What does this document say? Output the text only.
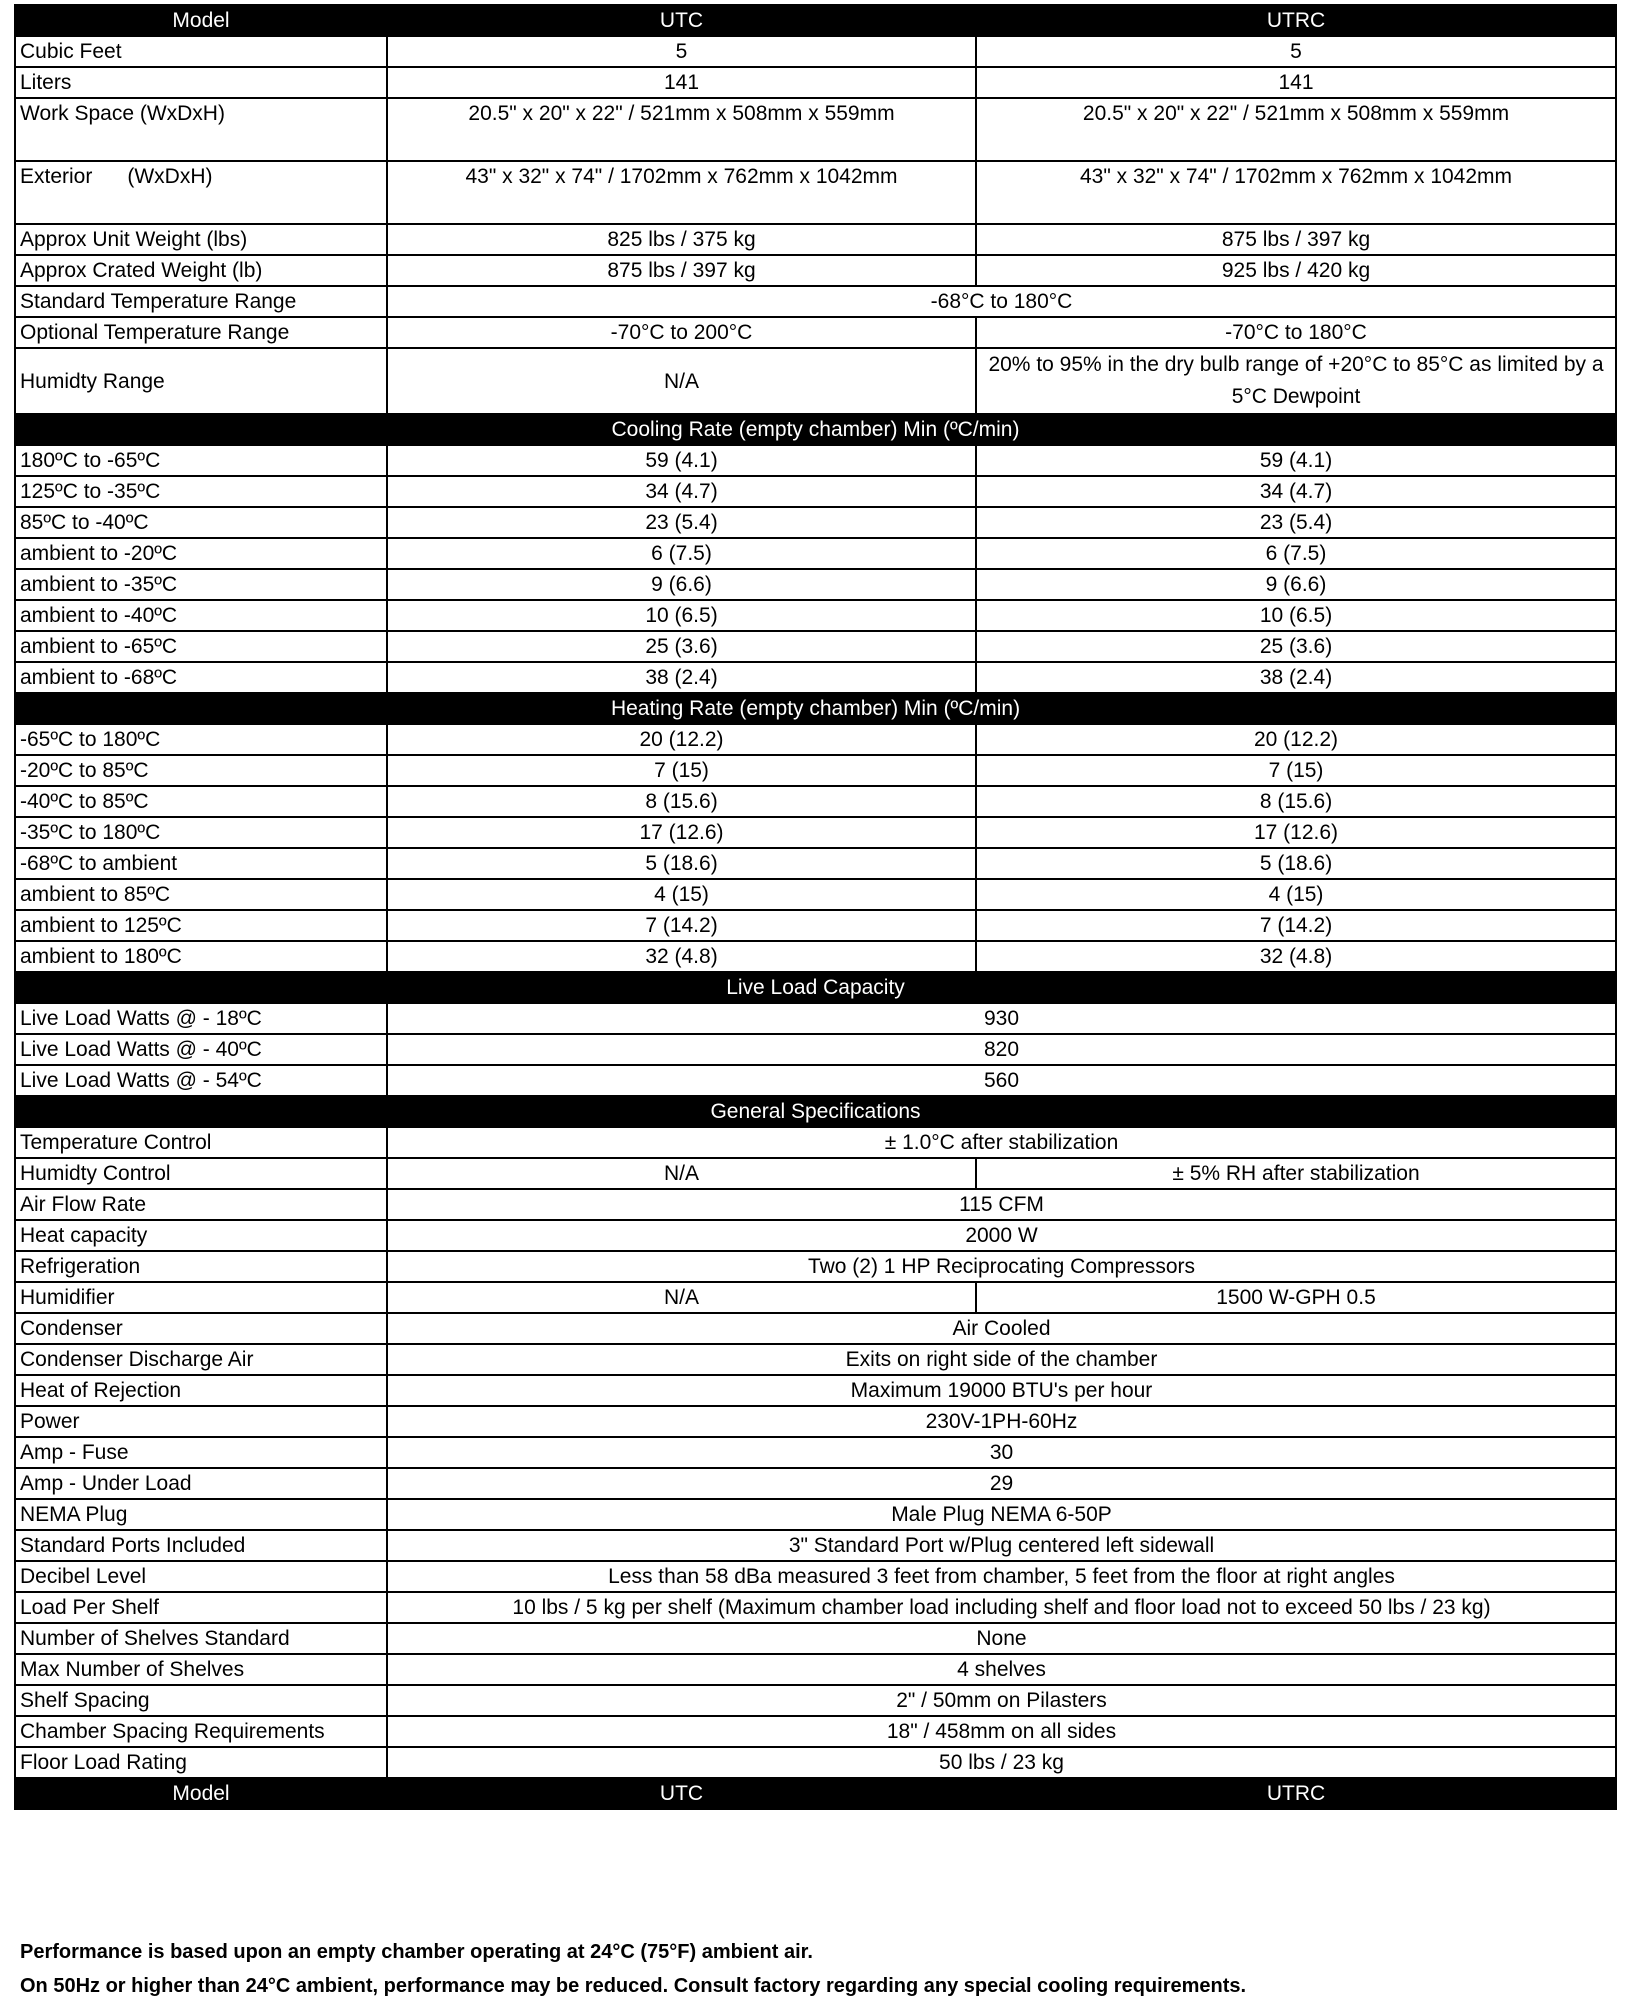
Model	UTC	UTRC
Cubic Feet	5	5
Liters	141	141
Work Space (WxDxH)	20.5" x 20" x 22" / 521mm x 508mm x 559mm	20.5" x 20" x 22" / 521mm x 508mm x 559mm
Exterior      (WxDxH)	43" x 32" x 74" / 1702mm x 762mm x 1042mm	43" x 32" x 74" / 1702mm x 762mm x 1042mm
Approx Unit Weight (lbs)	825 lbs / 375 kg	875 lbs / 397 kg
Approx Crated Weight (lb)	875 lbs / 397 kg	925 lbs / 420 kg
Standard Temperature Range	-68°C to 180°C	
Optional Temperature Range	-70°C to 200°C	-70°C to 180°C
Humidty Range	N/A	20% to 95% in the dry bulb range of +20°C to 85°C as limited by a 5°C Dewpoint
Cooling Rate (empty chamber) Min (ºC/min)		
180ºC to -65ºC	59 (4.1)	59 (4.1)
125ºC to -35ºC	34 (4.7)	34 (4.7)
85ºC to -40ºC	23 (5.4)	23 (5.4)
ambient to -20ºC	6 (7.5)	6 (7.5)
ambient to -35ºC	9 (6.6)	9 (6.6)
ambient to -40ºC	10 (6.5)	10 (6.5)
ambient to -65ºC	25 (3.6)	25 (3.6)
ambient to -68ºC	38 (2.4)	38 (2.4)
Heating Rate (empty chamber) Min (ºC/min)		
-65ºC to 180ºC	20 (12.2)	20 (12.2)
-20ºC to 85ºC	7 (15)	7 (15)
-40ºC to 85ºC	8 (15.6)	8 (15.6)
-35ºC to 180ºC	17 (12.6)	17 (12.6)
-68ºC to ambient	5 (18.6)	5 (18.6)
ambient to 85ºC	4 (15)	4 (15)
ambient to 125ºC	7 (14.2)	7 (14.2)
ambient to 180ºC	32 (4.8)	32 (4.8)
Live Load Capacity		
Live Load Watts @ - 18ºC	930	
Live Load Watts @ - 40ºC	820	
Live Load Watts @ - 54ºC	560	
General Specifications		
Temperature Control	± 1.0°C after stabilization	
Humidty Control	N/A	± 5% RH after stabilization
Air Flow Rate	115 CFM	
Heat capacity	2000 W	
Refrigeration	Two (2) 1 HP Reciprocating Compressors	
Humidifier	N/A	1500 W-GPH 0.5
Condenser	Air Cooled	
Condenser Discharge Air	Exits on right side of the chamber	
Heat of Rejection	Maximum 19000 BTU's per hour	
Power	230V-1PH-60Hz	
Amp - Fuse	30	
Amp - Under Load	29	
NEMA Plug	Male Plug NEMA 6-50P	
Standard Ports Included	3" Standard Port w/Plug centered left sidewall	
Decibel Level	Less than 58 dBa measured 3 feet from chamber, 5 feet from the floor at right angles	
Load Per Shelf	10 lbs / 5 kg per shelf (Maximum chamber load including shelf and floor load not to exceed 50 lbs / 23 kg)	
Number of Shelves Standard	None	
Max Number of Shelves	4 shelves	
Shelf Spacing	2" / 50mm on Pilasters	
Chamber Spacing Requirements	18" / 458mm on all sides	
Floor Load Rating	50 lbs / 23 kg	
Model	UTC	UTRC
Performance is based upon an empty chamber operating at 24°C (75°F) ambient air.
On 50Hz or higher than 24°C ambient, performance may be reduced. Consult factory regarding any special cooling requirements.
